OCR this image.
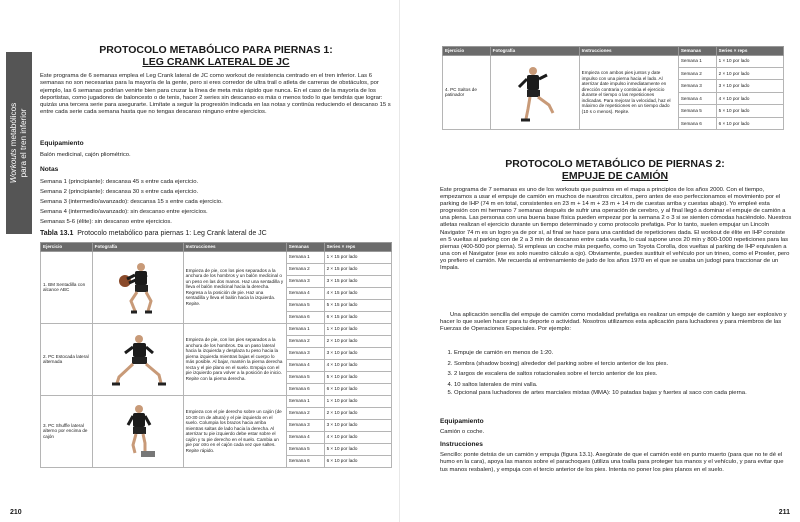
Workouts metabólicos
para el tren inferior
PROTOCOLO METABÓLICO PARA PIERNAS 1:
LEG CRANK LATERAL DE JC

Este programa de 6 semanas emplea el Leg Crank lateral de JC como workout de resistencia centrado en el tren inferior. Las 6 semanas no son necesarias para la mayoría de la gente, pero si eres corredor de ultra trail o atleta de carreras de obstáculos, por ejemplo, las 6 semanas podrían venirte bien para cruzar la línea de meta más rápido que nunca. En el caso de la mayoría de los deportistas, como jugadores de baloncesto o de tenis, hacer 2 series sin descanso es más o menos todo lo que tendrás que lograr: quizás una tercera serie para asegurarte. Limítate a seguir la progresión indicada en las notas y continúa reduciendo el descanso 15 s entre cada serie cada semana hasta que no tengas descanso ninguno entre ejercicios.

Equipamiento

Balón medicinal, cajón pliométrico.

Notas

Semana 1 (principiante): descansa 45 s entre cada ejercicio.

Semana 2 (principiante): descansa 30 s entre cada ejercicio.

Semana 3 (intermedio/avanzado): descansa 15 s entre cada ejercicio.

Semana 4 (intermedio/avanzado): sin descanso entre ejercicios.

Semanas 5-6 (élite): sin descanso entre ejercicios.

Tabla 13.1 Protocolo metabólico para piernas 1: Leg Crank lateral de JC
Ejercicio	Fotografía	Instrucciones	Semanas	Series × reps
1. BM Sentadilla con alcance ABC		Empieza de pie, con los pies separados a la anchura de los hombros y un balón medicinal o un peso en las dos manos. Haz una sentadilla y lleva el balón medicinal hacia la derecha. Regresa a la posición de pie. Haz una sentadilla y lleva el balón hacia la izquierda. Repite.	Semana 1	1 × 15 por lado
			Semana 2	2 × 15 por lado
			Semana 3	3 × 15 por lado
			Semana 4	4 × 15 por lado
			Semana 5	5 × 15 por lado
			Semana 6	6 × 15 por lado
2. PC Estocada lateral alternada		Empieza de pie, con los pies separados a la anchura de los hombros. Da un paso lateral hacia la izquierda y desplaza tu peso hacia la pierna izquierda mientras bajas el cuerpo lo más posible. Al bajar, mantén la pierna derecha recta y el pie plano en el suelo. Empuja con el pie izquierdo para volver a la posición de inicio. Repite con la pierna derecha.	Semana 1	1 × 10 por lado
			Semana 2	2 × 10 por lado
			Semana 3	3 × 10 por lado
			Semana 4	4 × 10 por lado
			Semana 5	5 × 10 por lado
			Semana 6	6 × 10 por lado
3. PC Shuffle lateral alterno por encima de cajón		Empieza con el pie derecho sobre un cajón (de 10-30 cm de altura) y el pie izquierdo en el suelo. Columpia los brazos hacia arriba mientras saltas de lado hacia la derecha. Al aterrizar tu pie izquierdo debe estar sobre el cajón y tu pie derecho en el suelo. Cambia un pie por otro en el cajón cada vez que saltes. Repite rápido.	Semana 1	1 × 10 por lado
			Semana 2	2 × 10 por lado
			Semana 3	3 × 10 por lado
			Semana 4	4 × 10 por lado
			Semana 5	5 × 10 por lado
			Semana 6	6 × 10 por lado
210
Ejercicio	Fotografía	Instrucciones	Semanas	Series × reps
4. PC Saltos de patinador		Empieza con ambos pies juntos y date impulso con una pierna hacia el lado. Al aterrizar date impulso inmediatamente en dirección contraria y continúa el ejercicio durante el tiempo o las repeticiones indicadas. Para mejorar la velocidad, haz el máximo de repeticiones en un tiempo dado (10 s o menos). Repite.	Semana 1	1 × 10 por lado
			Semana 2	2 × 10 por lado
			Semana 3	3 × 10 por lado
			Semana 4	4 × 10 por lado
			Semana 5	5 × 10 por lado
			Semana 6	6 × 10 por lado
PROTOCOLO METABÓLICO DE PIERNAS 2:
EMPUJE DE CAMIÓN

Este programa de 7 semanas es uno de los workouts que pusimos en el mapa a principios de los años 2000. Con el tiempo, empezamos a usar el empuje de camión en muchos de nuestros circuitos, pero antes de eso perfeccionamos el movimiento por el parking de IHP (74 m en total, consistentes en 23 m + 14 m + 23 m + 14 m de cuestas arriba y cuestas abajo). Yo empleé esta progresión con mi hermano 7 semanas después de sufrir una operación de cerebro, y al final llegó a dominar el empuje de camión a una plena. Las personas con una buena base física pueden empezar por la semana 2 o 3 si se sienten cómodas haciéndolo. Nuestros atletas realizan el ejercicio durante un tiempo determinado y como protocolo prefatiga. Por lo tanto, suelen empujar un Lincoln Navigator 74 m es un logro ya de por sí, al final se hace para una cantidad de repeticiones dada. El workout de élite en IHP consiste en 5 vueltas al parking con de 2 a 3 min de descanso entre cada vuelta, lo cual supone unos 20 min y 800-1000 repeticiones para las piernas (400-500 por pierna). Si empleas un coche más pequeño, como un Toyota Corolla, dos vueltas al parking de IHP equivalen a una con el Navigator (ese es solo nuestro cálculo a ojo). Obviamente, puedes sustituir el vehículo por un trineo, como el Prowler, pero yo prefiero el camión. Me recuerda al entrenamiento de judo de los años 1970 en el que se usaba un judogi para traccionar de un Impala.

Una aplicación sencilla del empuje de camión como modalidad prefatiga es realizar un empuje de camión y luego ser explosivo y hacer lo que suelen hacer para tu deporte o actividad. Nosotros utilizamos esta aplicación para luchadores y para miembros de las Fuerzas de Operaciones Especiales. Por ejemplo:

1. Empuje de camión en menos de 1:20.
2. Sombra (shadow boxing) alrededor del parking sobre el tercio anterior de los pies.
3. 2 largos de escalera de saltos rotacionales sobre el tercio anterior de los pies.
4. 10 saltos laterales de mini valla.
5. Opcional para luchadores de artes marciales mixtas (MMA): 10 patadas bajas y fuertes al saco con cada pierna.
Equipamiento

Camión o coche.

Instrucciones

Sencillo: ponte detrás de un camión y empuja (figura 13.1). Asegúrate de que el camión esté en punto muerto (para que no te dé el humo en la cara), apoya las manos sobre el parachoques (utiliza una toalla para proteger tus manos y el vehículo, y para evitar que tus manos resbalen), y empuja con el tercio anterior de los pies. Intenta no poner los pies planos en el suelo.

211
